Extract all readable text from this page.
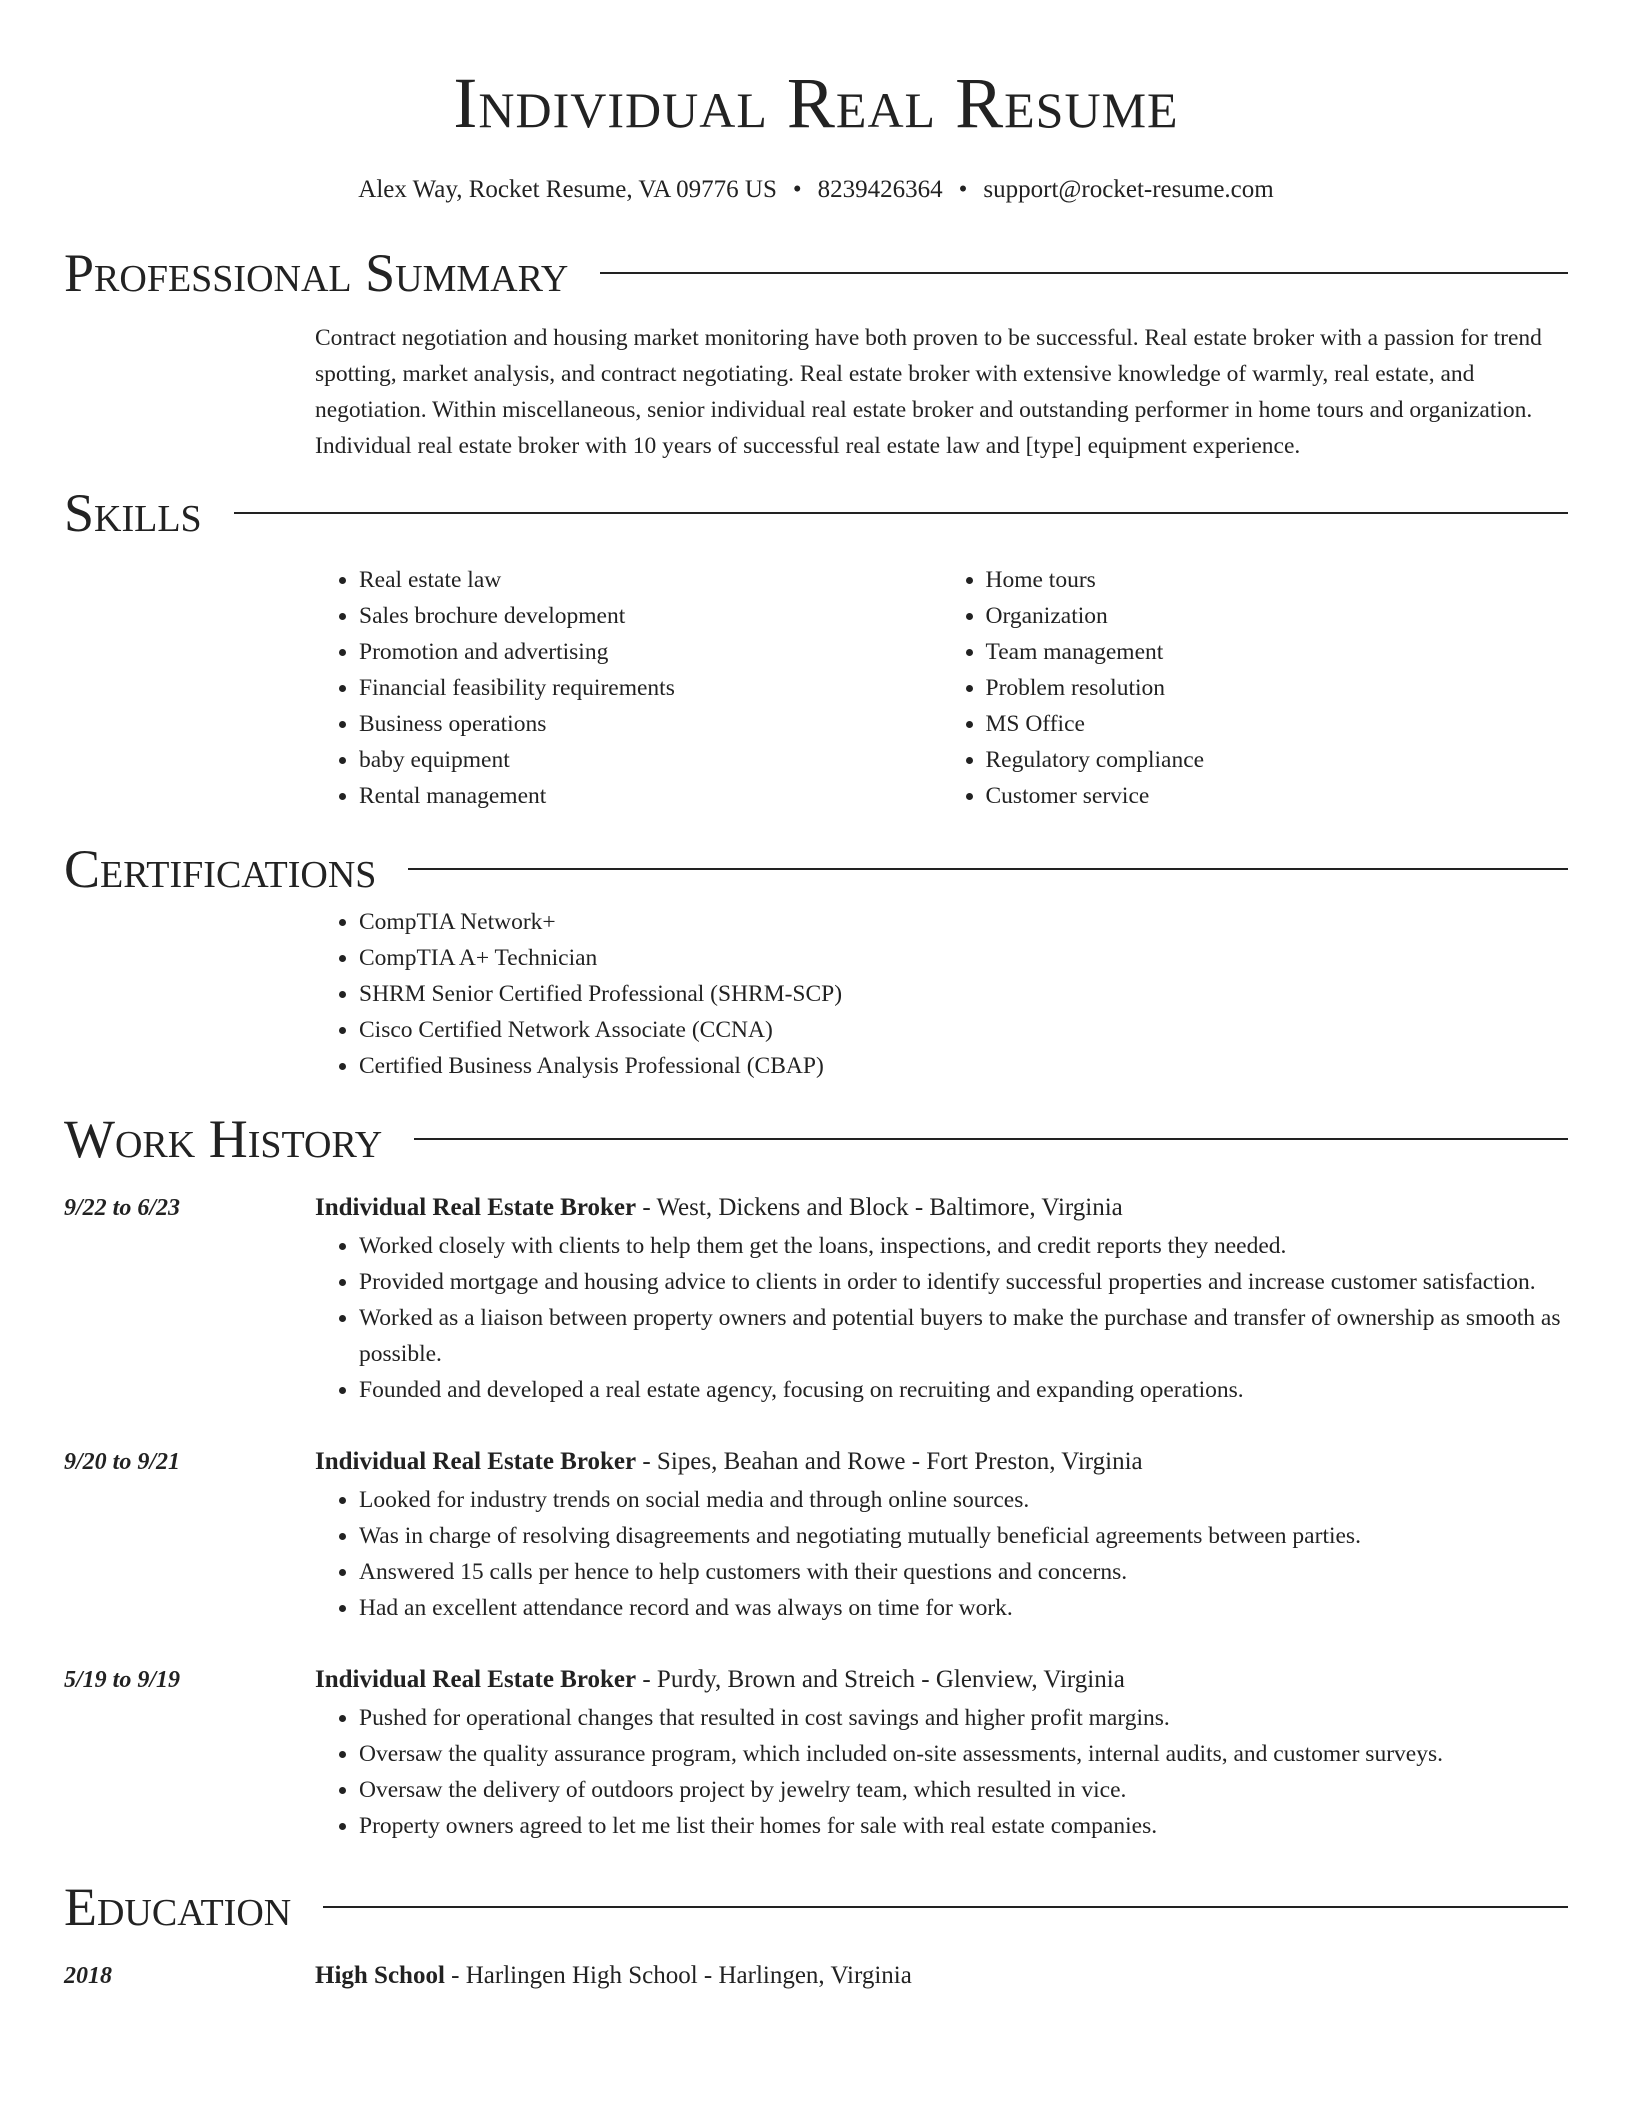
Individual Real Resume
Alex Way, Rocket Resume, VA 09776 US • 8239426364 • support@rocket-resume.com
Professional Summary

Contract negotiation and housing market monitoring have both proven to be successful. Real estate broker with a passion for trend spotting, market analysis, and contract negotiating. Real estate broker with extensive knowledge of warmly, real estate, and negotiation. Within miscellaneous, senior individual real estate broker and outstanding performer in home tours and organization. Individual real estate broker with 10 years of successful real estate law and [type] equipment experience.

Skills
• Real estate law
• Sales brochure development
• Promotion and advertising
• Financial feasibility requirements
• Business operations
• baby equipment
• Rental management
• Home tours
• Organization
• Team management
• Problem resolution
• MS Office
• Regulatory compliance
• Customer service
Certifications
• CompTIA Network+
• CompTIA A+ Technician
• SHRM Senior Certified Professional (SHRM-SCP)
• Cisco Certified Network Associate (CCNA)
• Certified Business Analysis Professional (CBAP)
Work History
9/22 to 6/23	Individual Real Estate Broker - West, Dickens and Block - Baltimore, Virginia
• Worked closely with clients to help them get the loans, inspections, and credit reports they needed.
• Provided mortgage and housing advice to clients in order to identify successful properties and increase customer satisfaction.
• Worked as a liaison between property owners and potential buyers to make the purchase and transfer of ownership as smooth as possible.
• Founded and developed a real estate agency, focusing on recruiting and expanding operations.
9/20 to 9/21	Individual Real Estate Broker - Sipes, Beahan and Rowe - Fort Preston, Virginia
• Looked for industry trends on social media and through online sources.
• Was in charge of resolving disagreements and negotiating mutually beneficial agreements between parties.
• Answered 15 calls per hence to help customers with their questions and concerns.
• Had an excellent attendance record and was always on time for work.
5/19 to 9/19	Individual Real Estate Broker - Purdy, Brown and Streich - Glenview, Virginia
• Pushed for operational changes that resulted in cost savings and higher profit margins.
• Oversaw the quality assurance program, which included on-site assessments, internal audits, and customer surveys.
• Oversaw the delivery of outdoors project by jewelry team, which resulted in vice.
• Property owners agreed to let me list their homes for sale with real estate companies.
Education
2018	High School - Harlingen High School - Harlingen, Virginia
